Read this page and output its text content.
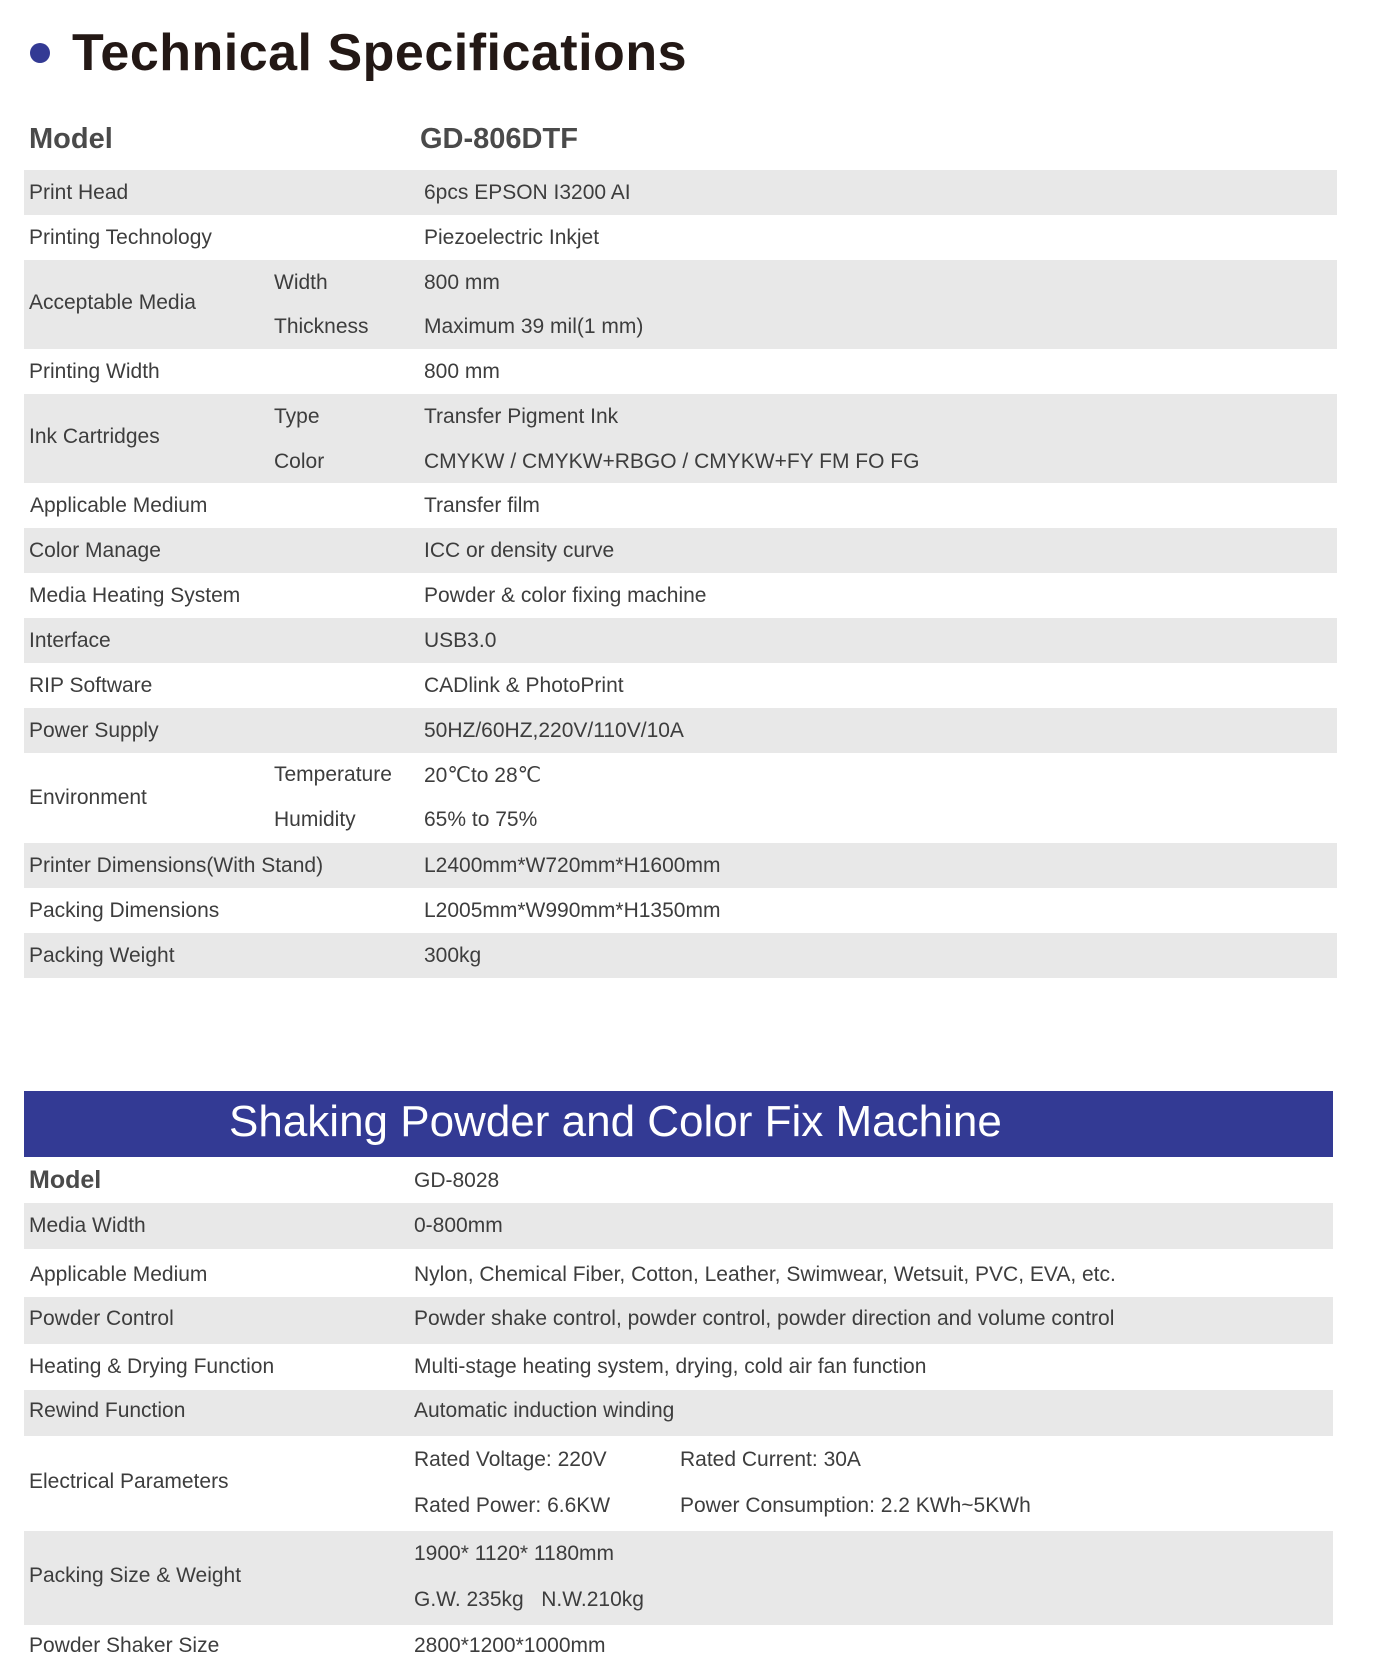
Technical Specifications
Model	GD-806DTF
Print Head	6pcs EPSON I3200 AI
Printing Technology	Piezoelectric Inkjet
Acceptable Media
Width	800 mm
Thickness	Maximum 39 mil(1 mm)
Printing Width	800 mm
Ink Cartridges
Type	Transfer Pigment Ink
Color	CMYKW / CMYKW+RBGO / CMYKW+FY FM FO FG
Applicable Medium	Transfer film
Color Manage	ICC or density curve
Media Heating System	Powder & color fixing machine
Interface	USB3.0
RIP Software	CADlink & PhotoPrint
Power Supply	50HZ/60HZ,220V/110V/10A
Environment
Temperature 20℃to 28℃
Humidity	65% to 75%
Printer Dimensions(With Stand)	L2400mm*W720mm*H1600mm
Packing Dimensions	L2005mm*W990mm*H1350mm
Packing Weight	300kg
Shaking Powder and Color Fix Machine
Model	GD-8028
Media Width	0-800mm
Applicable Medium	Nylon, Chemical Fiber, Cotton, Leather, Swimwear, Wetsuit, PVC, EVA, etc.
Powder Control	Powder shake control, powder control, powder direction and volume control
Heating & Drying Function	Multi-stage heating system, drying, cold air fan function
Rewind Function	Automatic induction winding
Electrical Parameters
Rated Voltage: 220V	Rated Current: 30A
Rated Power: 6.6KW	Power Consumption: 2.2 KWh~5KWh
Packing Size & Weight
1900* 1120* 1180mm
G.W. 235kg   N.W.210kg
Powder Shaker Size	2800*1200*1000mm
